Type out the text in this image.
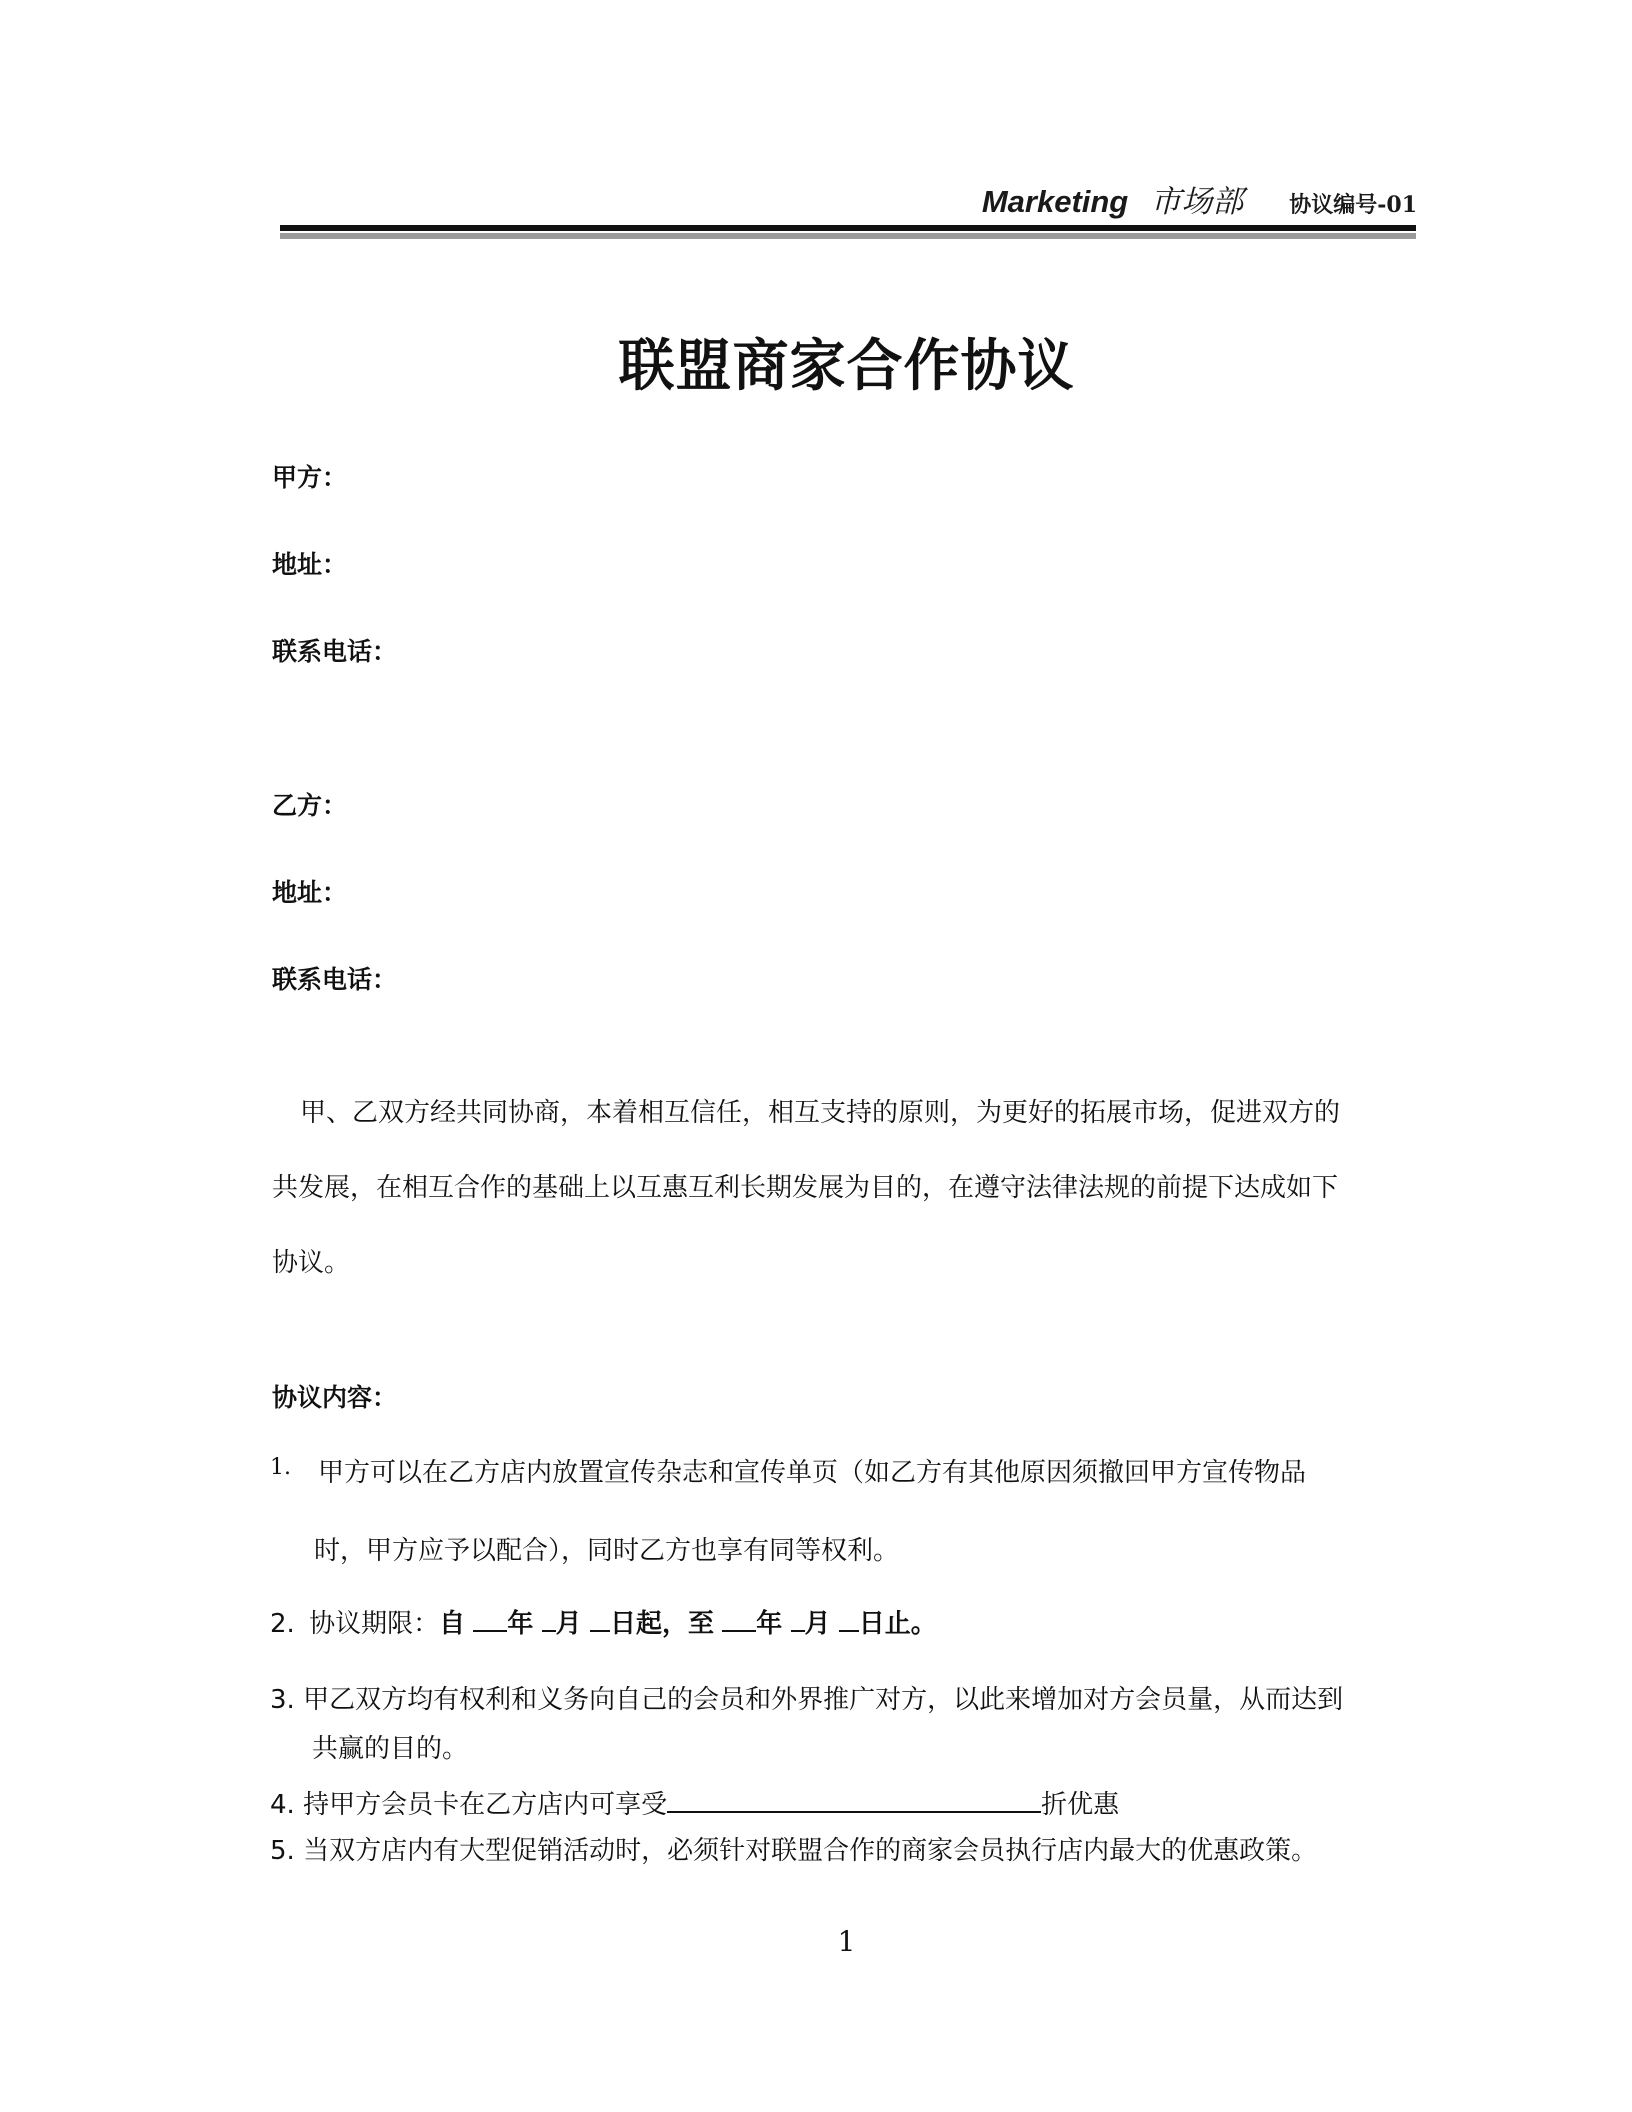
Marketing 市场部 协议编号-01
联盟商家合作协议
甲方：
地址：
联系电话：
乙方：
地址：
联系电话：
甲、乙双方经共同协商，本着相互信任，相互支持的原则，为更好的拓展市场，促进双方的
共发展，在相互合作的基础上以互惠互利长期发展为目的，在遵守法律法规的前提下达成如下
协议。
协议内容：
1. 甲方可以在乙方店内放置宣传杂志和宣传单页（如乙方有其他原因须撤回甲方宣传物品
时，甲方应予以配合），同时乙方也享有同等权利。
2. 协议期限：自 年 月 日起，至 年 月 日止。
3. 甲乙双方均有权利和义务向自己的会员和外界推广对方，以此来增加对方会员量，从而达到
共赢的目的。
4. 持甲方会员卡在乙方店内可享受	折优惠
5. 当双方店内有大型促销活动时，必须针对联盟合作的商家会员执行店内最大的优惠政策。
1
